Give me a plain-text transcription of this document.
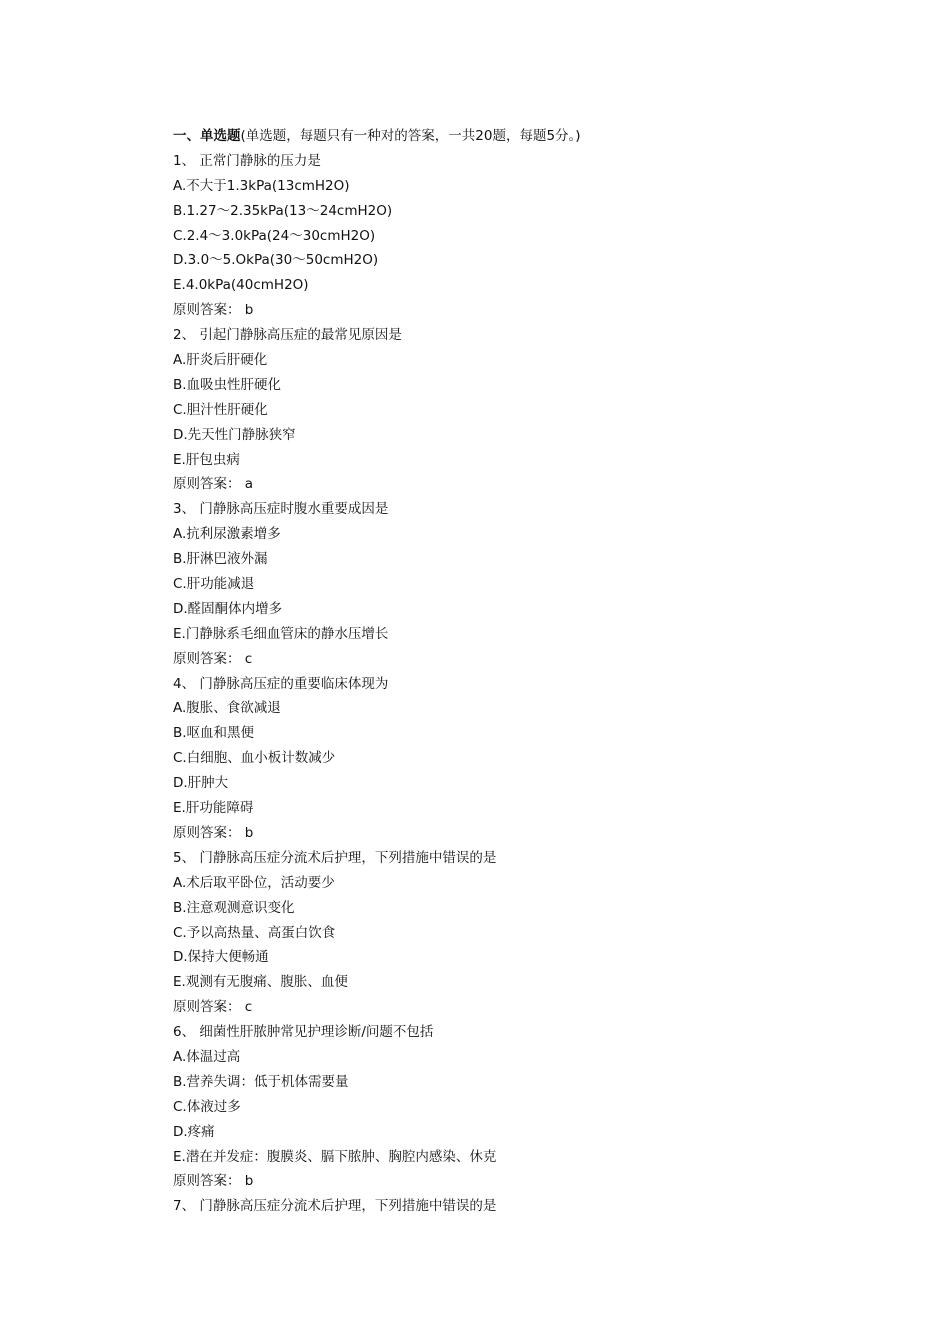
一、单选题(单选题，每题只有一种对的答案，一共20题，每题5分。)
1、 正常门静脉的压力是
A.不大于1.3kPa(13cmH2O)
B.1.27～2.35kPa(13～24cmH2O)
C.2.4～3.0kPa(24～30cmH2O)
D.3.0～5.OkPa(30～50cmH2O)
E.4.0kPa(40cmH2O)
原则答案： b
2、 引起门静脉高压症的最常见原因是
A.肝炎后肝硬化
B.血吸虫性肝硬化
C.胆汁性肝硬化
D.先天性门静脉狭窄
E.肝包虫病
原则答案： a
3、 门静脉高压症时腹水重要成因是
A.抗利尿激素增多
B.肝淋巴液外漏
C.肝功能减退
D.醛固酮体内增多
E.门静脉系毛细血管床的静水压增长
原则答案： c
4、 门静脉高压症的重要临床体现为
A.腹胀、食欲减退
B.呕血和黑便
C.白细胞、血小板计数减少
D.肝肿大
E.肝功能障碍
原则答案： b
5、 门静脉高压症分流术后护理，下列措施中错误的是
A.术后取平卧位，活动要少
B.注意观测意识变化
C.予以高热量、高蛋白饮食
D.保持大便畅通
E.观测有无腹痛、腹胀、血便
原则答案： c
6、 细菌性肝脓肿常见护理诊断/问题不包括
A.体温过高
B.营养失调：低于机体需要量
C.体液过多
D.疼痛
E.潜在并发症：腹膜炎、膈下脓肿、胸腔内感染、休克
原则答案： b
7、 门静脉高压症分流术后护理，下列措施中错误的是
